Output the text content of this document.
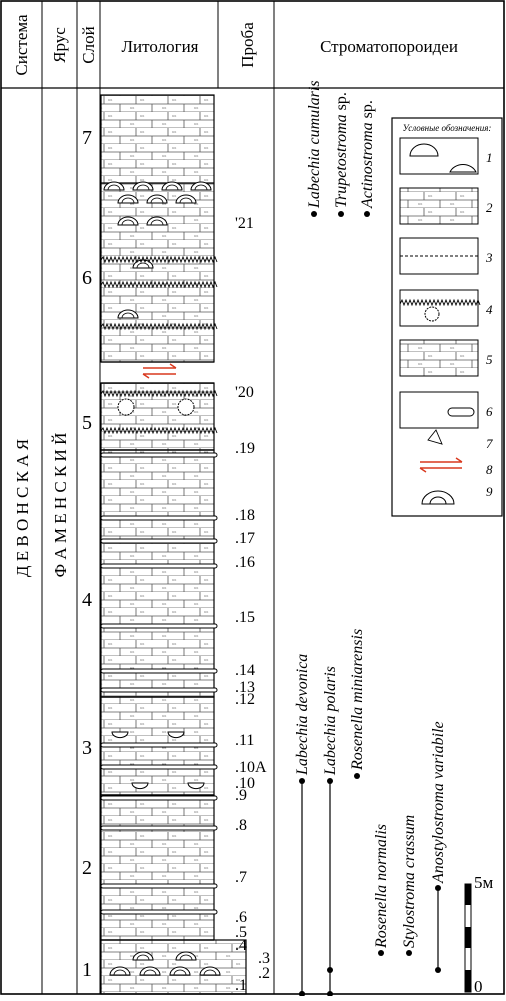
Система Ярус Слой Литология Проба	Строматопороидеи
Д Е В О Н С К А Я Ф А М Е Н С К И Й
1
2
3
4
5
6
7
.1
.2
.3
.4
.5
.6
.7
.8
.9
.10
.10A
.11
.12
.13
.14
.15
.16
.17
.18
.19
'20
'21
Labechia cumularis Truрetostroma sp.
Actinostroma sp.
Labechia devonica Labechia polaris Rosenella miniarensis
Rosenella normalis Stylostroma crassum Anostylostroma variabile
Условные обозначения:
1
2
3
4
5
6
7
8
9
5м
0
